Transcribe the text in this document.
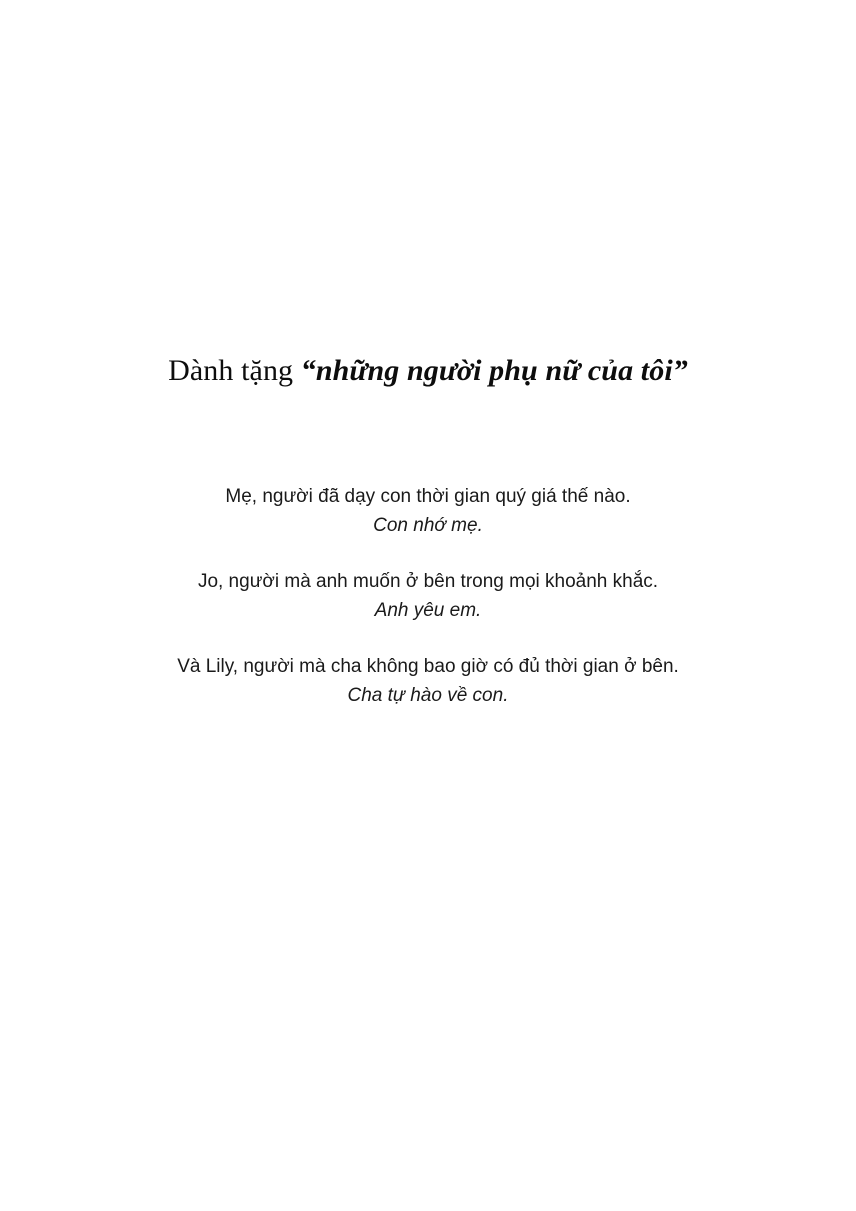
Dành tặng “những người phụ nữ của tôi”
Mẹ, người đã dạy con thời gian quý giá thế nào.
Con nhớ mẹ.
Jo, người mà anh muốn ở bên trong mọi khoảnh khắc.
Anh yêu em.
Và Lily, người mà cha không bao giờ có đủ thời gian ở bên.
Cha tự hào về con.
